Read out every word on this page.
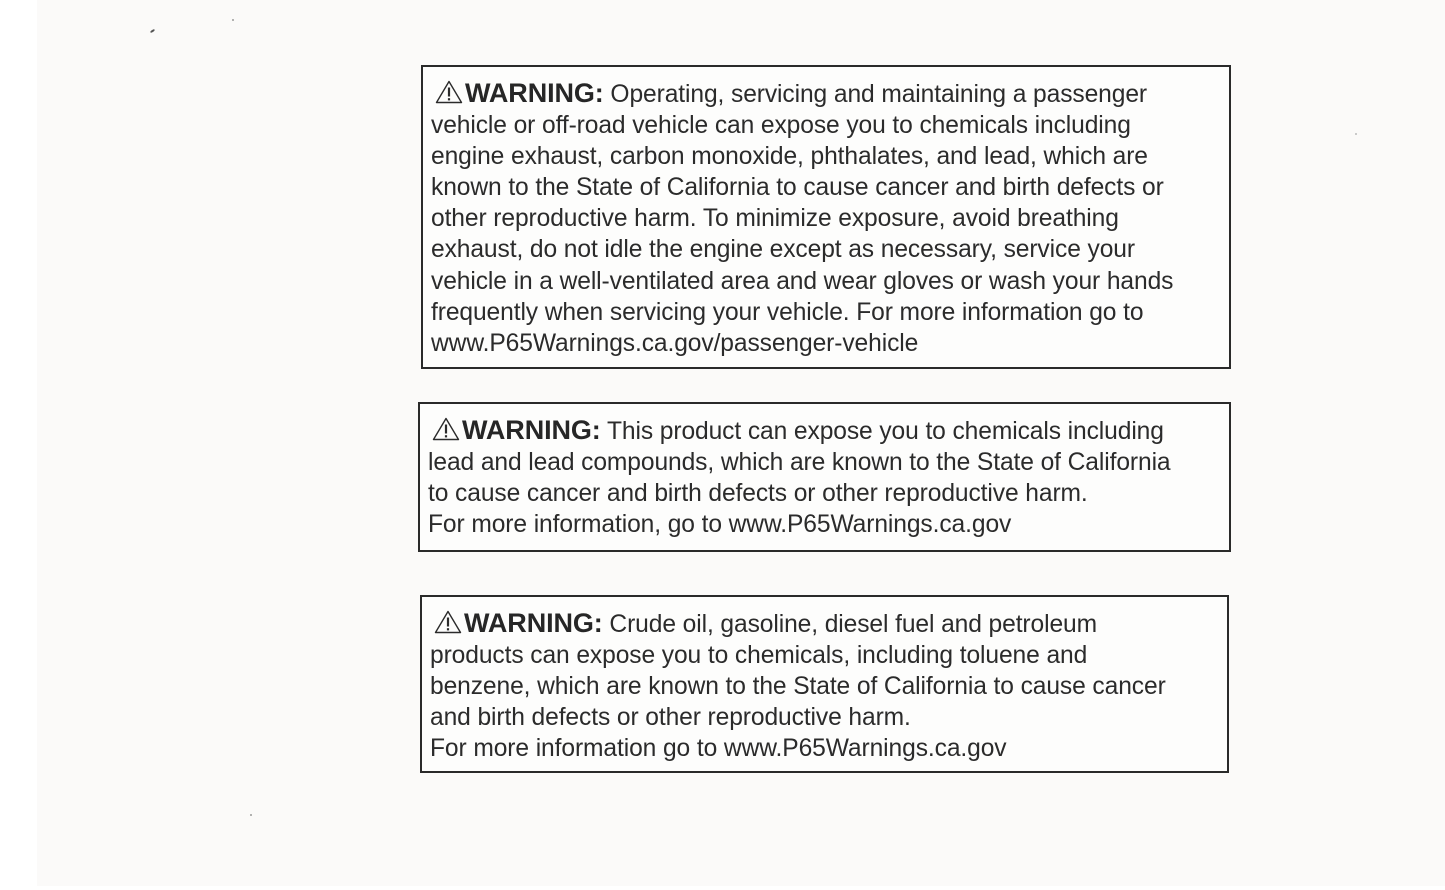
WARNING: Operating, servicing and maintaining a passenger
vehicle or off-road vehicle can expose you to chemicals including
engine exhaust, carbon monoxide, phthalates, and lead, which are
known to the State of California to cause cancer and birth defects or
other reproductive harm. To minimize exposure, avoid breathing
exhaust, do not idle the engine except as necessary, service your
vehicle in a well-ventilated area and wear gloves or wash your hands
frequently when servicing your vehicle. For more information go to
www.P65Warnings.ca.gov/passenger-vehicle
WARNING: This product can expose you to chemicals including
lead and lead compounds, which are known to the State of California
to cause cancer and birth defects or other reproductive harm.
For more information, go to www.P65Warnings.ca.gov
WARNING: Crude oil, gasoline, diesel fuel and petroleum
products can expose you to chemicals, including toluene and
benzene, which are known to the State of California to cause cancer
and birth defects or other reproductive harm.
For more information go to www.P65Warnings.ca.gov
